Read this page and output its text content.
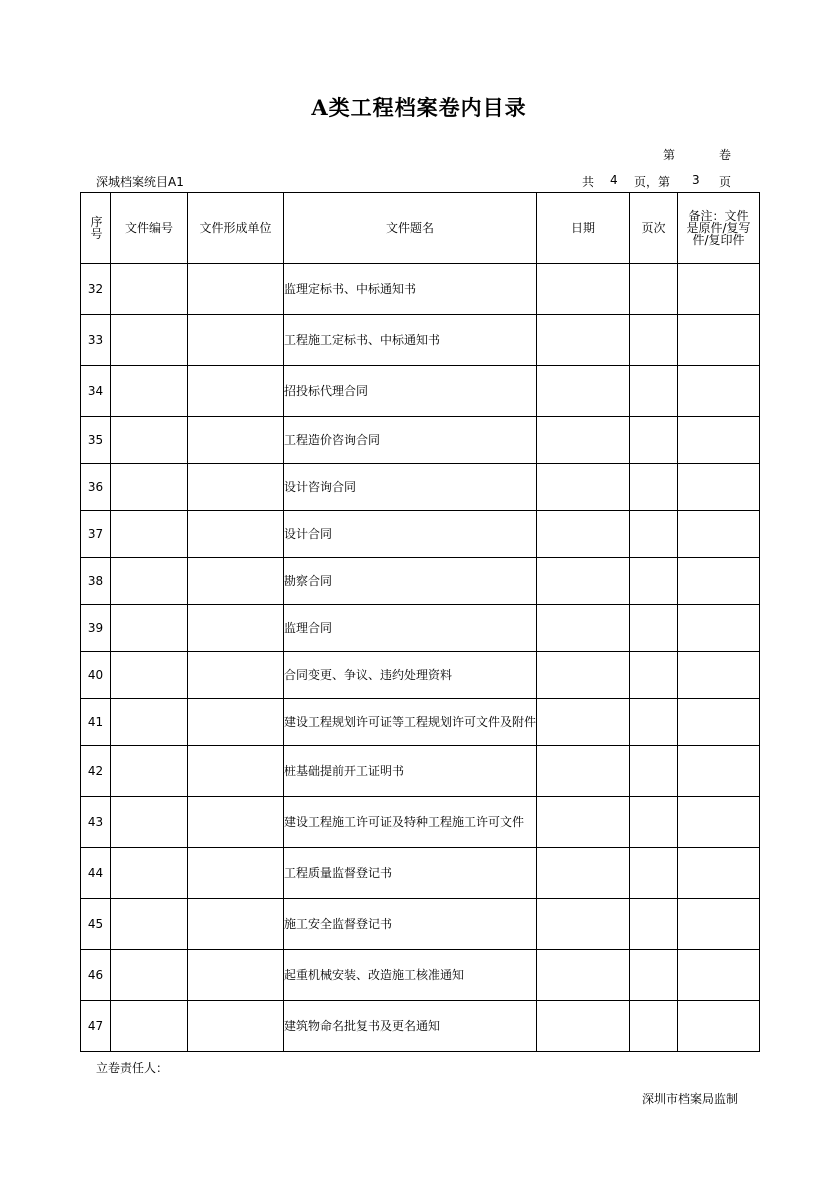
A类工程档案卷内目录
第	卷
深城档案统目A1	共 4 页，第 3 页
序号	文件编号	文件形成单位	文件题名	日期	页次	备注：文件是原件/复写件/复印件

32			监理定标书、中标通知书			
33			工程施工定标书、中标通知书			
34			招投标代理合同			
35			工程造价咨询合同			
36			设计咨询合同			
37			设计合同			
38			勘察合同			
39			监理合同			
40			合同变更、争议、违约处理资料			
41			建设工程规划许可证等工程规划许可文件及附件			
42			桩基础提前开工证明书			
43			建设工程施工许可证及特种工程施工许可文件			
44			工程质量监督登记书			
45			施工安全监督登记书			
46			起重机械安装、改造施工核准通知			
47			建筑物命名批复书及更名通知			
立卷责任人：
深圳市档案局监制
